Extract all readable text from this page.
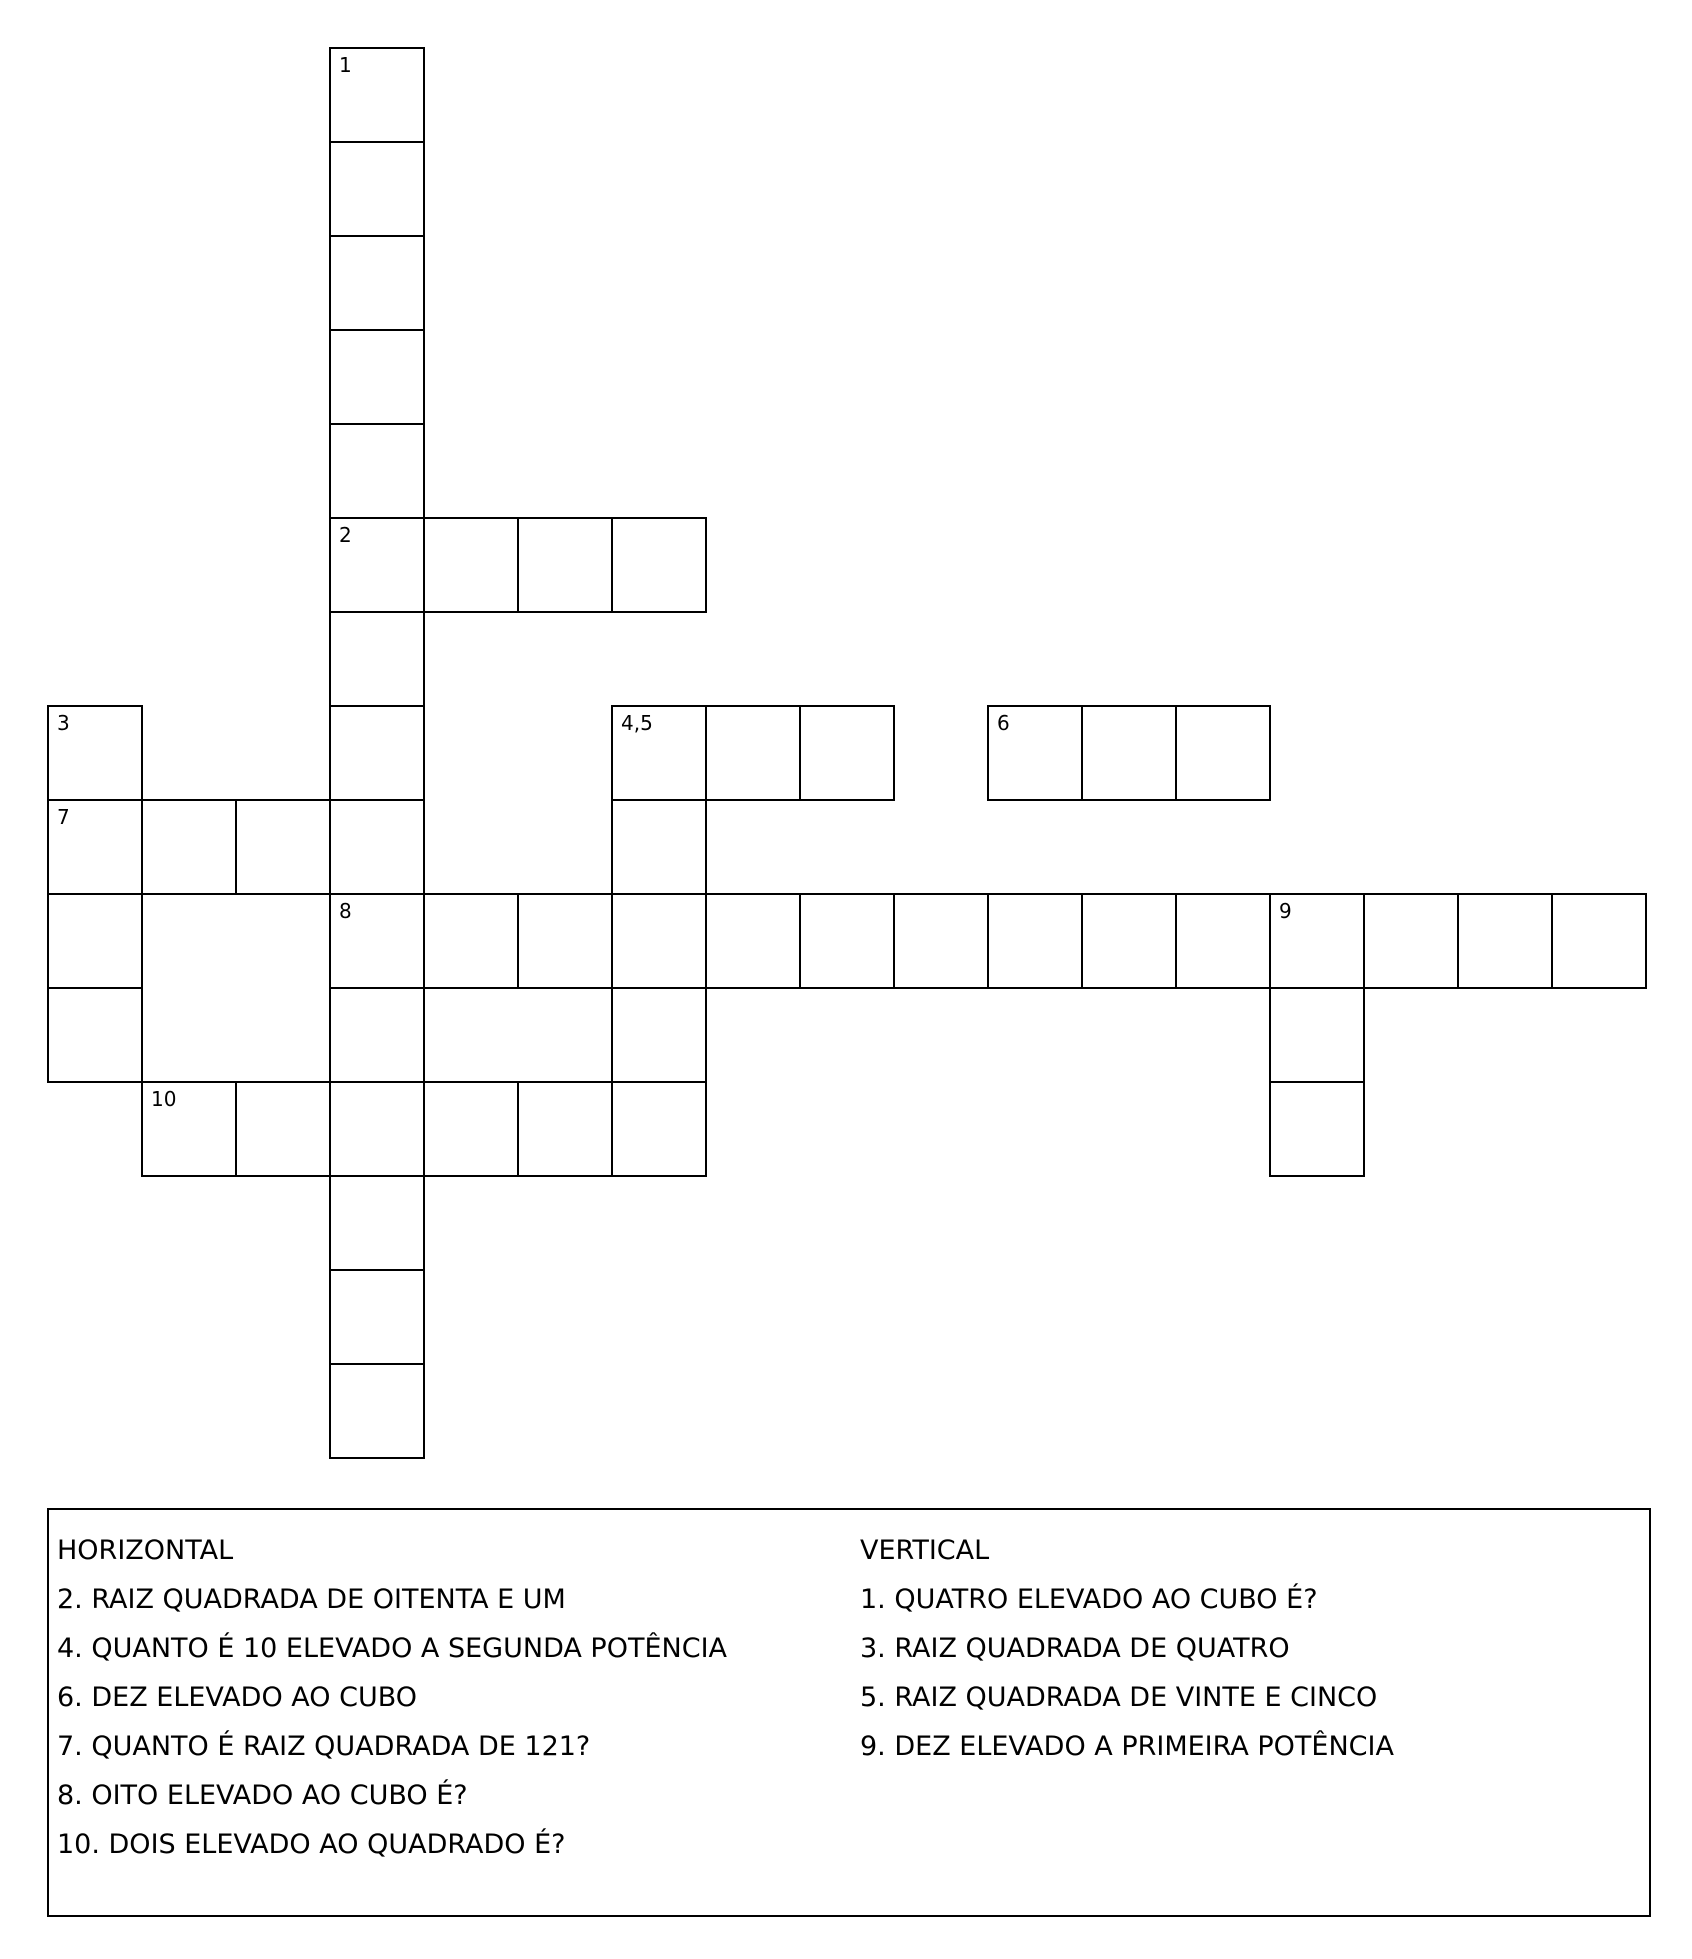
1
2
3	4,5	6
7
8	9
10
HORIZONTAL
2. RAIZ QUADRADA DE OITENTA E UM
4. QUANTO É 10 ELEVADO A SEGUNDA POTÊNCIA
6. DEZ ELEVADO AO CUBO
7. QUANTO É RAIZ QUADRADA DE 121?
8. OITO ELEVADO AO CUBO É?
10. DOIS ELEVADO AO QUADRADO É?
VERTICAL
1. QUATRO ELEVADO AO CUBO É?
3. RAIZ QUADRADA DE QUATRO
5. RAIZ QUADRADA DE VINTE E CINCO
9. DEZ ELEVADO A PRIMEIRA POTÊNCIA
